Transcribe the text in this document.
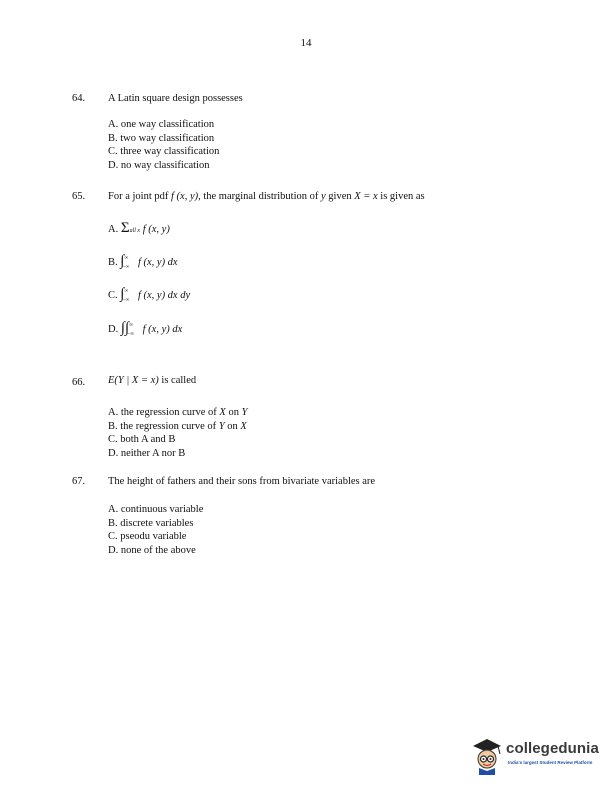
14
64. A Latin square design possesses
A. one way classification
B. two way classification
C. three way classification
D. no way classification
65. For a joint pdf f (x, y), the marginal distribution of y given X = x is given as
A. Σall x f (x, y)
B. $\int^\infty_{-\infty}$ f (x, y) dx
C. $\int^\infty_{-\infty}$ f (x, y) dx dy
D. $\int\int^\infty_{-\infty}$ f (x, y) dx
66. E(Y | X = x) is called
A. the regression curve of X on Y
B. the regression curve of Y on X
C. both A and B
D. neither A nor B
67. The height of fathers and their sons from bivariate variables are
A. continuous variable
B. discrete variables
C. pseodu variable
D. none of the above
collegedunia
India's largest Student Review Platform
